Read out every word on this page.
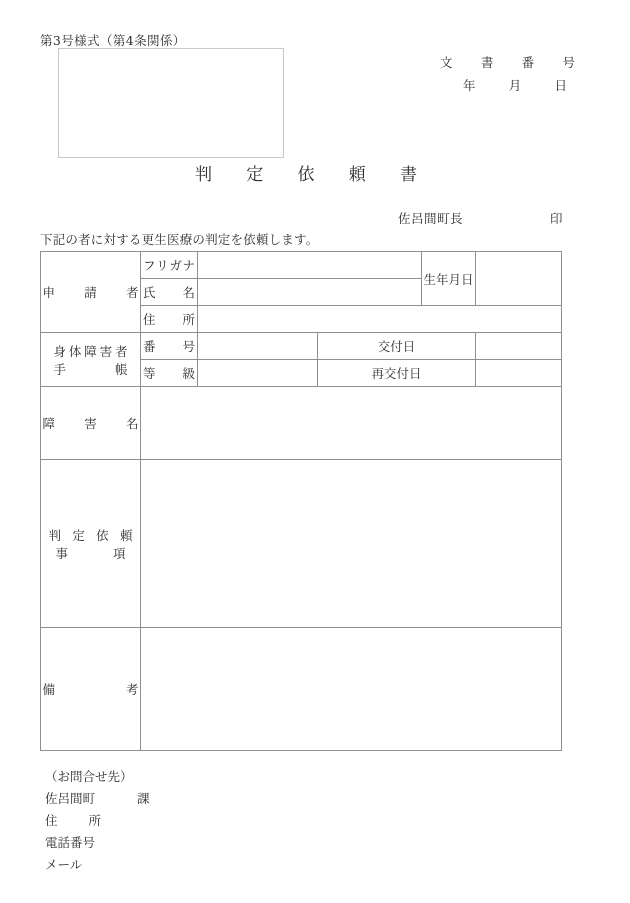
第3号様式（第4条関係）
文 書 番 号
年	月	日
判 定 依 頼 書
佐呂間町長	印
下記の者に対する更生医療の判定を依頼します。
申 請 者	フ リ ガ ナ			生年月日	

	氏 名				

	住 所				

身 体 障 害 者
手	帳

番 号		交付日	

	等 級		再交付日		

障 害 名					

判 定 依 頼
事	項

備 考					

（お問合せ先）
佐呂間町	課
住 所
電話番号
メール
